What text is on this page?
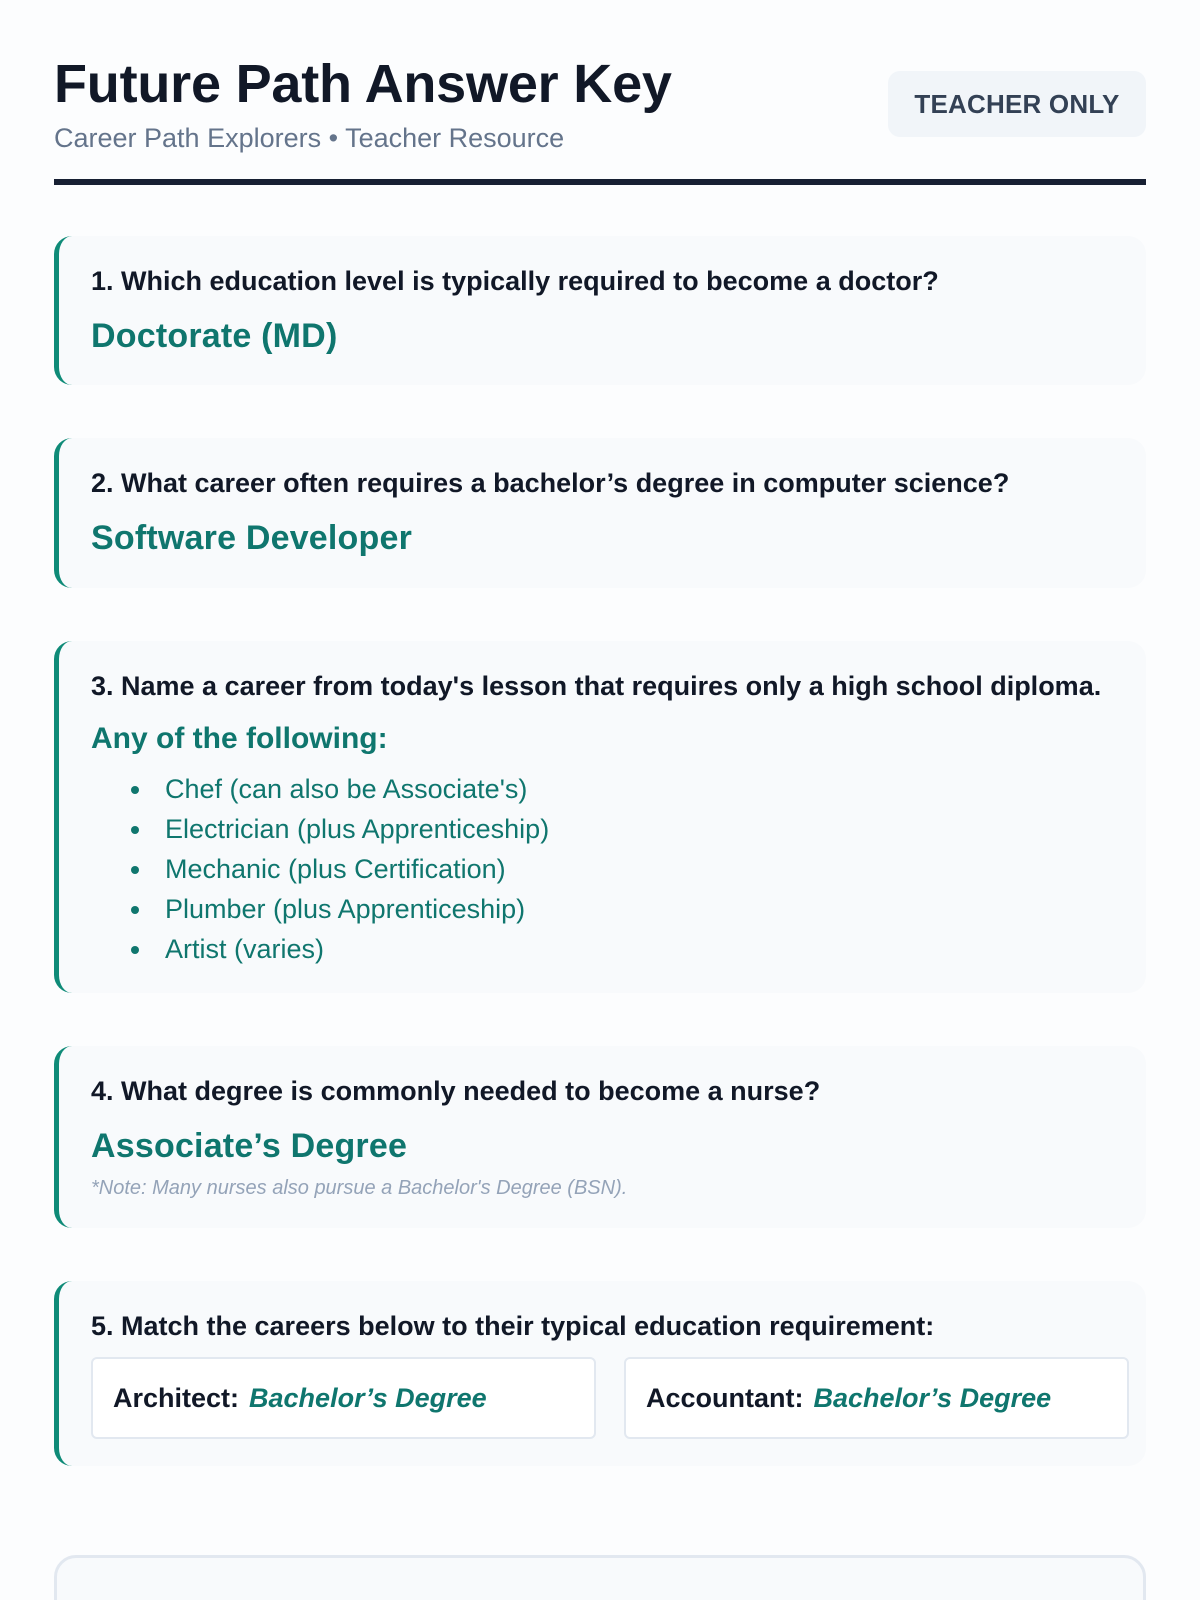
Future Path Answer Key
Career Path Explorers • Teacher Resource
TEACHER ONLY
1. Which education level is typically required to become a doctor?
Doctorate (MD)
2. What career often requires a bachelor’s degree in computer science?
Software Developer
3. Name a career from today's lesson that requires only a high school diploma.
Any of the following:
• Chef (can also be Associate's)
• Electrician (plus Apprenticeship)
• Mechanic (plus Certification)
• Plumber (plus Apprenticeship)
• Artist (varies)
4. What degree is commonly needed to become a nurse?
Associate’s Degree
*Note: Many nurses also pursue a Bachelor's Degree (BSN).
5. Match the careers below to their typical education requirement:
Architect: Bachelor’s Degree	Accountant: Bachelor’s Degree
